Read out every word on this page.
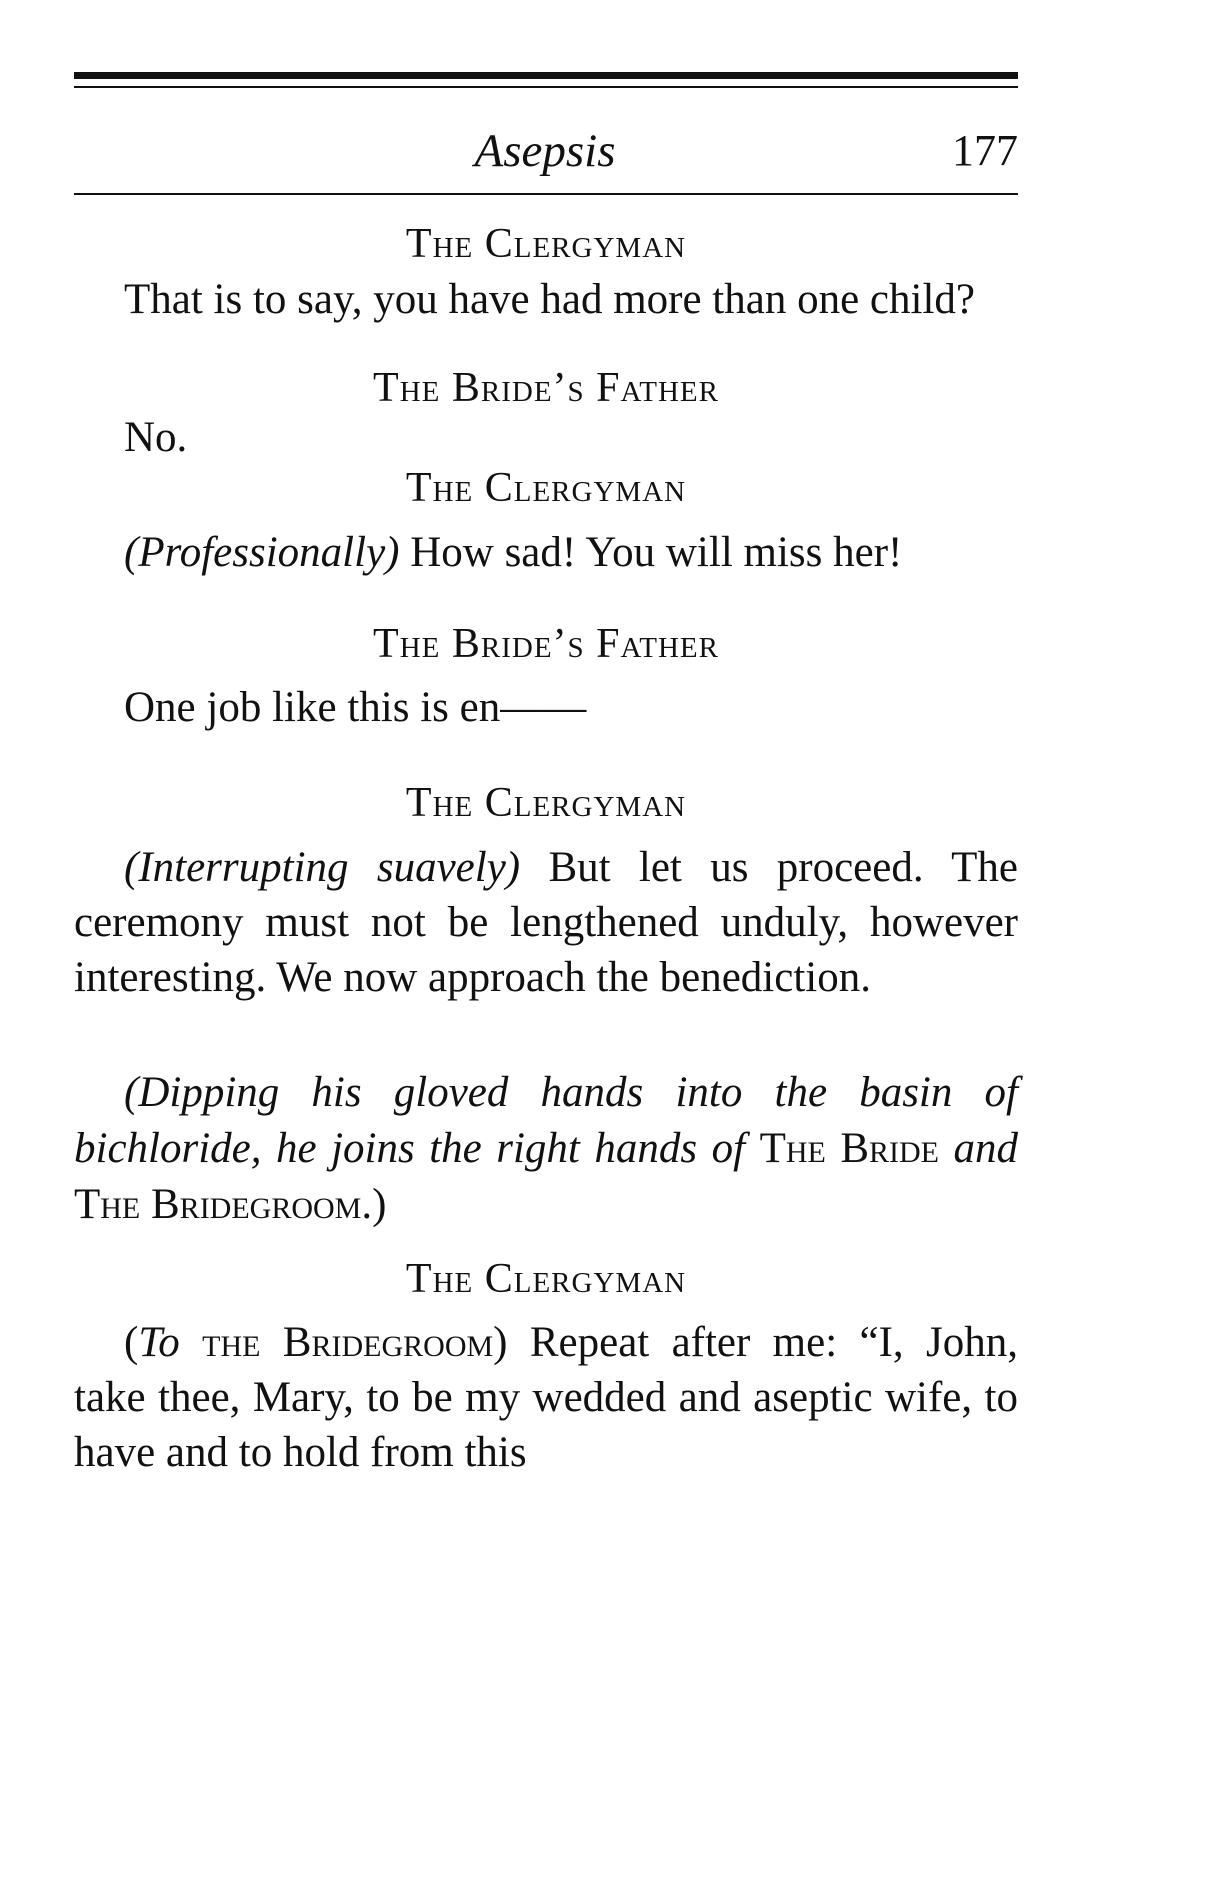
Asepsis	177
The Clergyman
That is to say, you have had more than one child?
The Bride’s Father
No.
The Clergyman
(Professionally) How sad! You will miss her!
The Bride’s Father
One job like this is en——
The Clergyman
(Interrupting suavely) But let us proceed. The ceremony must not be lengthened unduly, however interesting. We now approach the benediction.
(Dipping his gloved hands into the basin of bichloride, he joins the right hands of The Bride and The Bridegroom.)
The Clergyman
(To the Bridegroom) Repeat after me: “I, John, take thee, Mary, to be my wedded and aseptic wife, to have and to hold from this
